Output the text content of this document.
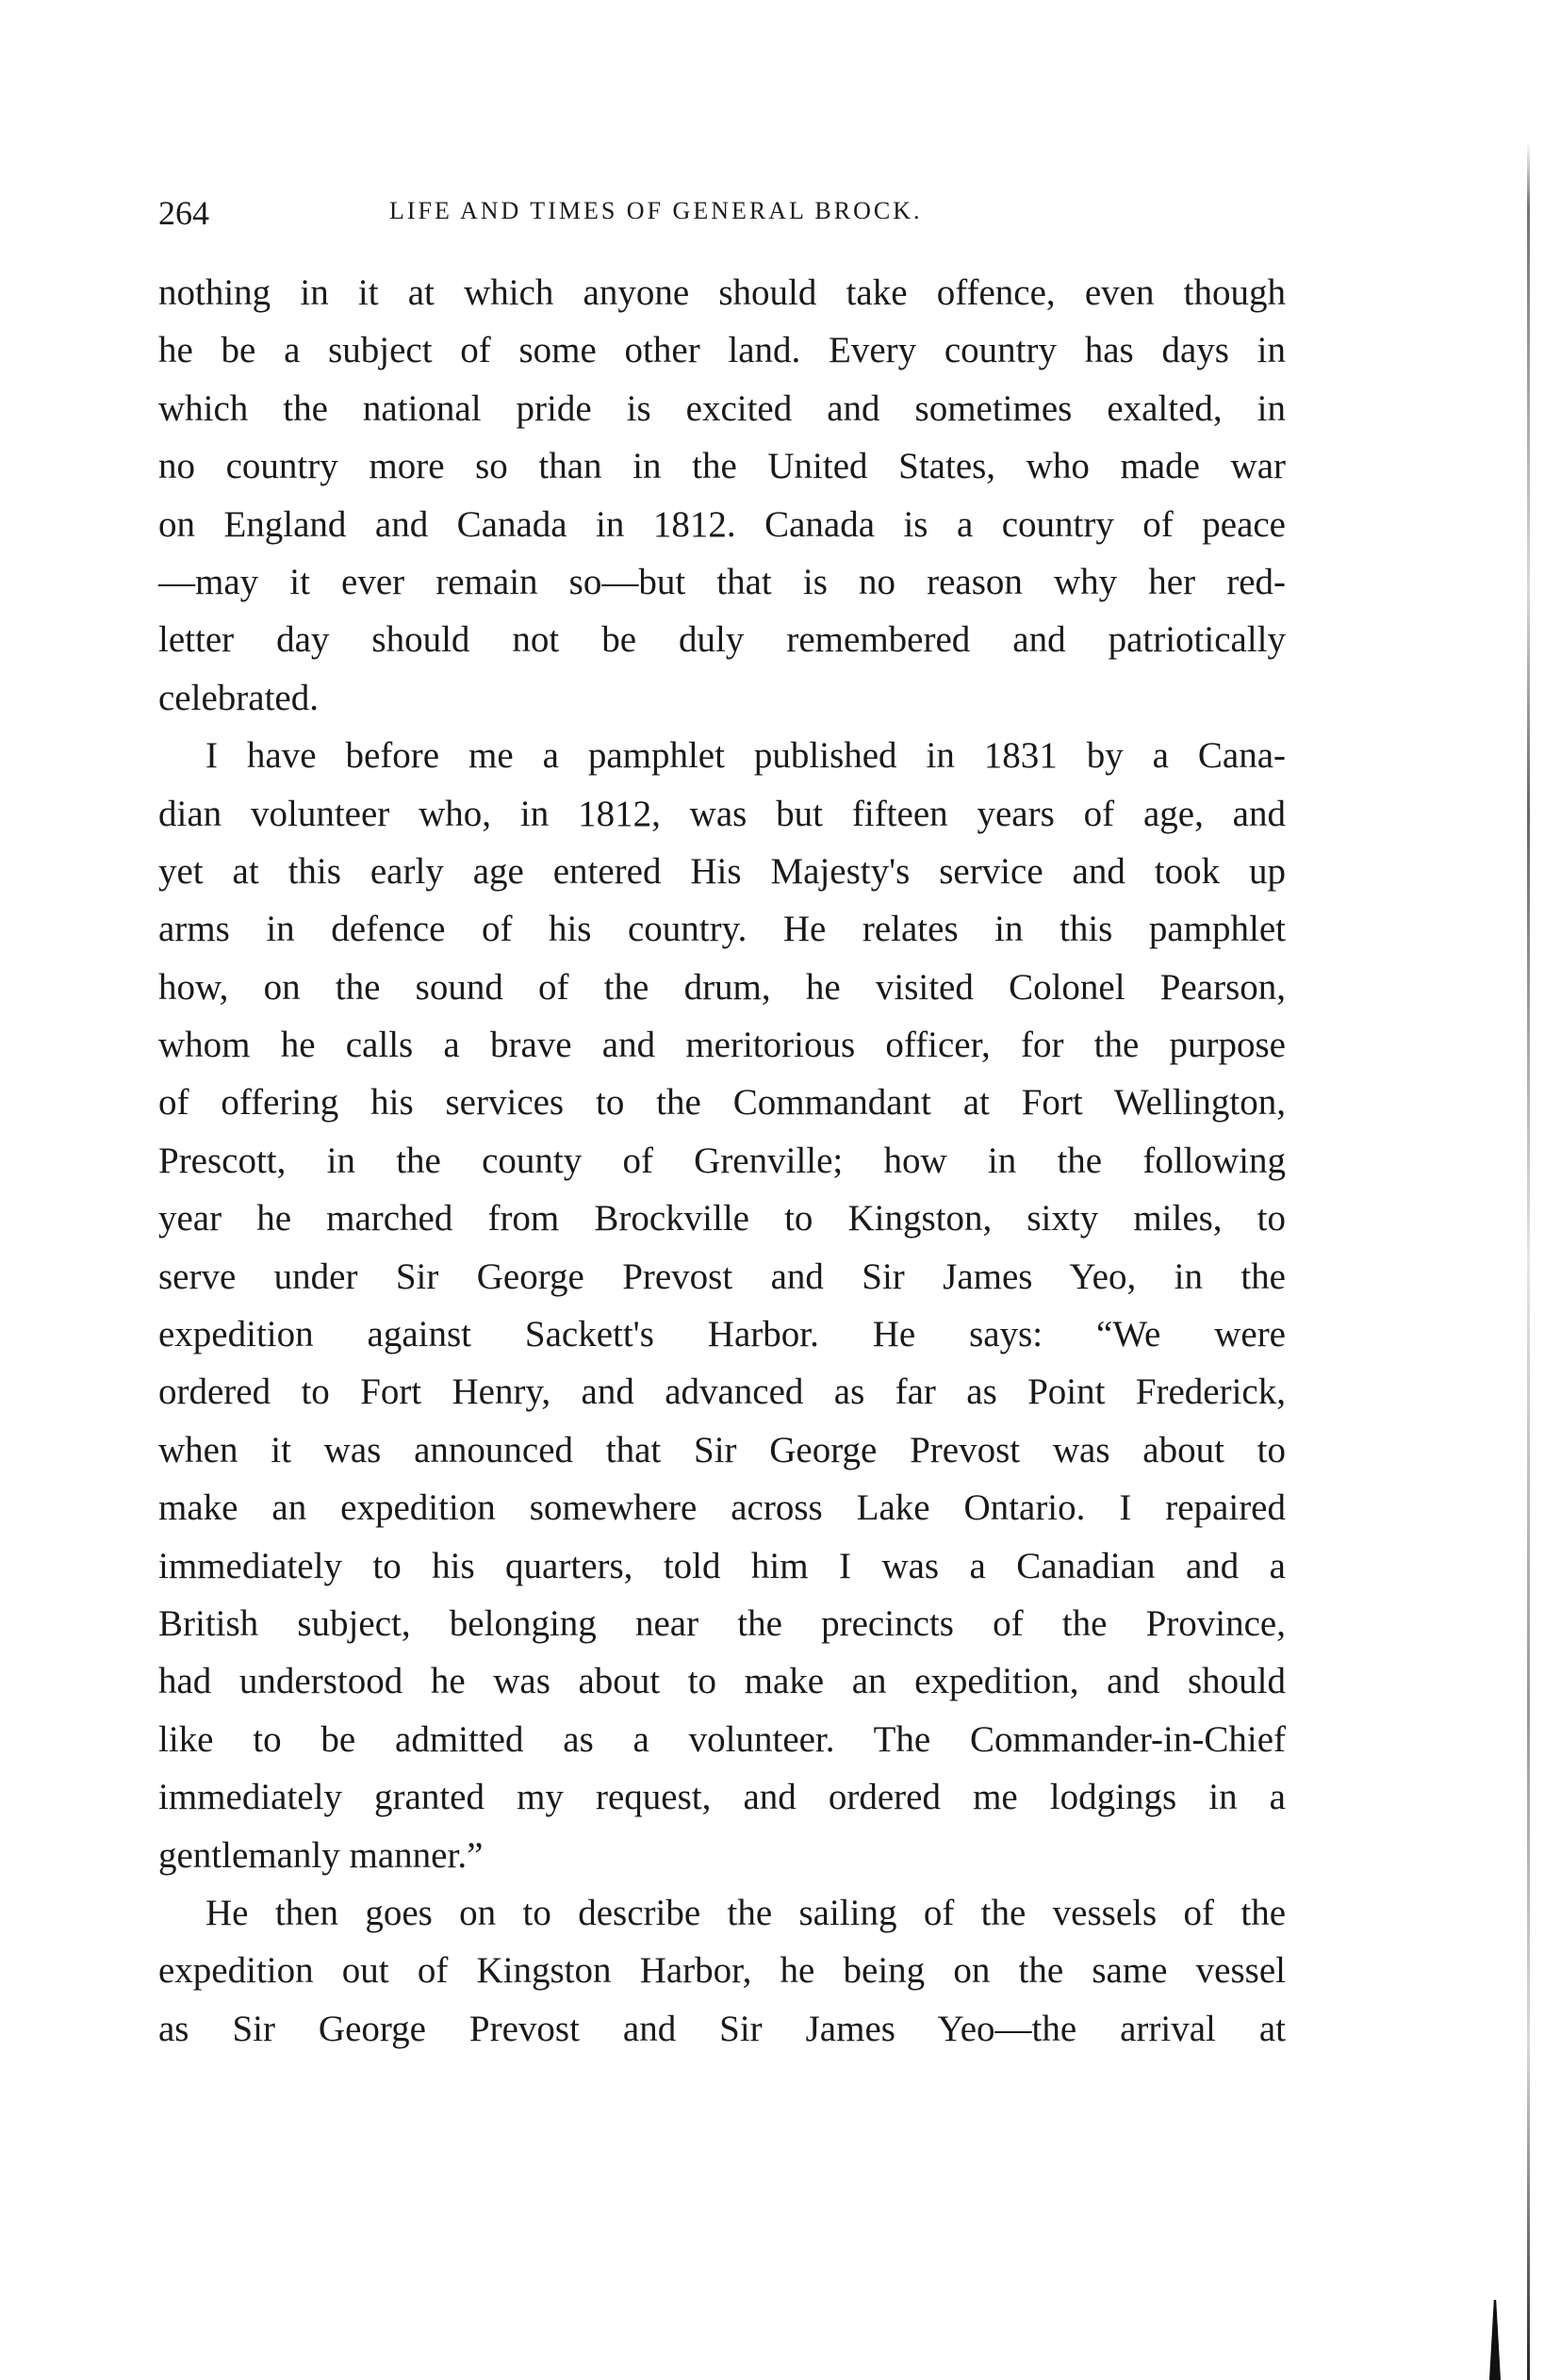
264	LIFE AND TIMES OF GENERAL BROCK.
nothing in it at which anyone should take offence, even though
he be a subject of some other land. Every country has days in
which the national pride is excited and sometimes exalted, in
no country more so than in the United States, who made war
on England and Canada in 1812. Canada is a country of peace
—may it ever remain so—but that is no reason why her red-
letter day should not be duly remembered and patriotically
celebrated.
I have before me a pamphlet published in 1831 by a Cana-
dian volunteer who, in 1812, was but fifteen years of age, and
yet at this early age entered His Majesty's service and took up
arms in defence of his country. He relates in this pamphlet
how, on the sound of the drum, he visited Colonel Pearson,
whom he calls a brave and meritorious officer, for the purpose
of offering his services to the Commandant at Fort Wellington,
Prescott, in the county of Grenville; how in the following
year he marched from Brockville to Kingston, sixty miles, to
serve under Sir George Prevost and Sir James Yeo, in the
expedition against Sackett's Harbor. He says: “We were
ordered to Fort Henry, and advanced as far as Point Frederick,
when it was announced that Sir George Prevost was about to
make an expedition somewhere across Lake Ontario. I repaired
immediately to his quarters, told him I was a Canadian and a
British subject, belonging near the precincts of the Province,
had understood he was about to make an expedition, and should
like to be admitted as a volunteer. The Commander-in-Chief
immediately granted my request, and ordered me lodgings in a
gentlemanly manner.”
He then goes on to describe the sailing of the vessels of the
expedition out of Kingston Harbor, he being on the same vessel
as Sir George Prevost and Sir James Yeo—the arrival at
